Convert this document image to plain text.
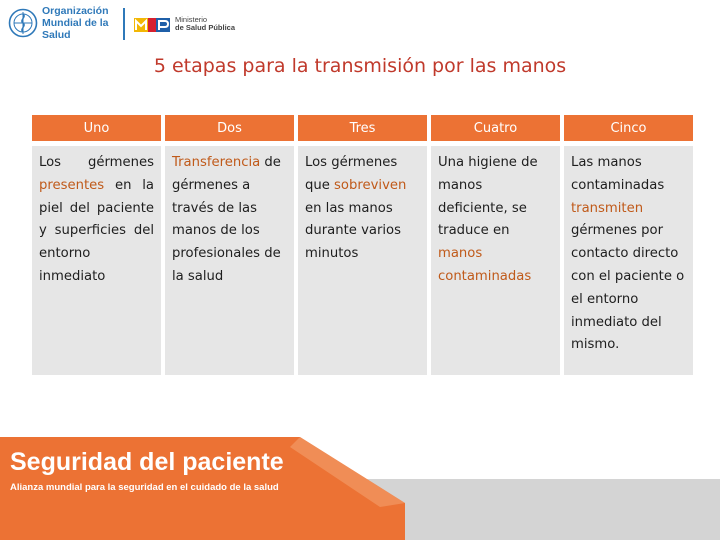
Organización
Mundial de la Salud
Ministerio
de Salud Pública
5 etapas para la transmisión por las manos
Uno
Los gérmenes presentes en la piel del paciente y superficies del entorno inmediato
Dos
Transferencia de gérmenes a través de las manos de los profesionales de la salud
Tres
Los gérmenes que sobreviven en las manos durante varios minutos
Cuatro
Una higiene de manos deficiente, se traduce en manos contaminadas
Cinco
Las manos contaminadas transmiten gérmenes por contacto directo con el paciente o el entorno inmediato del mismo.
Seguridad del paciente
Alianza mundial para la seguridad en el cuidado de la salud
